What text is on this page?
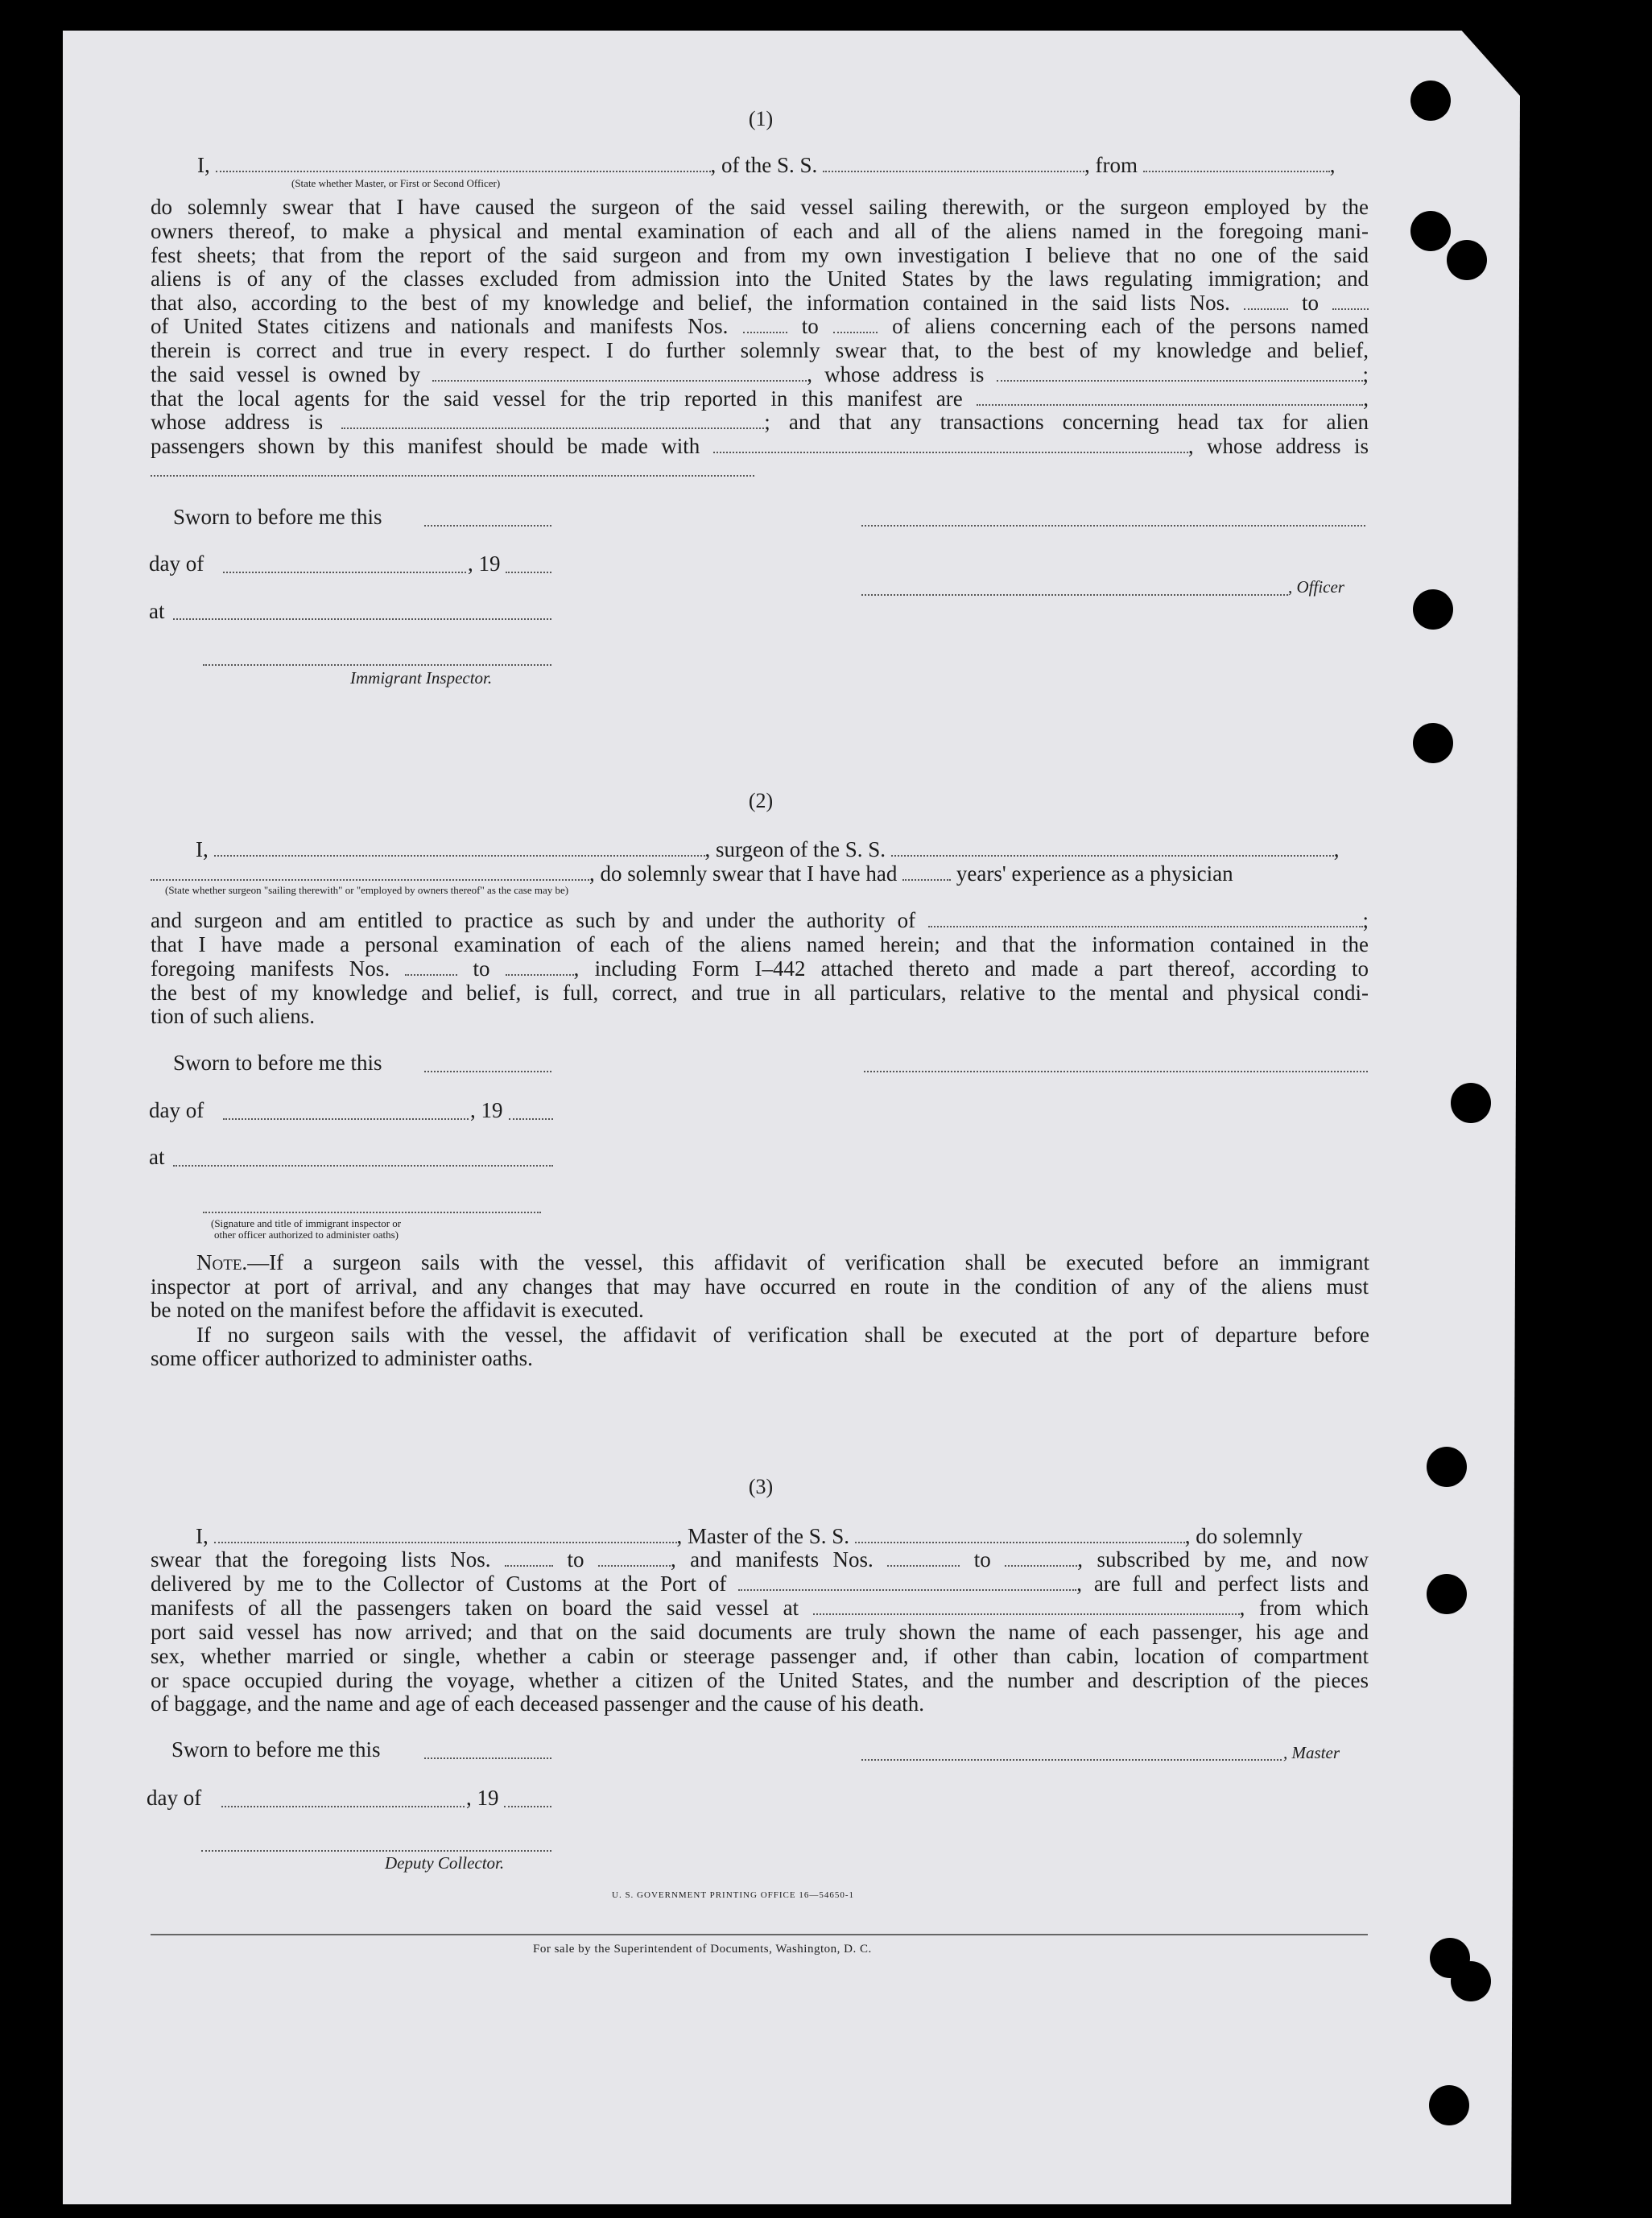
(1)
I,	, of the S. S.	, from	,
(State whether Master, or First or Second Officer)
do solemnly swear that I have caused the surgeon of the said vessel sailing therewith, or the surgeon employed by the
owners thereof, to make a physical and mental examination of each and all of the aliens named in the foregoing mani-
fest sheets; that from the report of the said surgeon and from my own investigation I believe that no one of the said
aliens is of any of the classes excluded from admission into the United States by the laws regulating immigration; and
that also, according to the best of my knowledge and belief, the information contained in the said lists Nos.	to
of United States citizens and nationals and manifests Nos.	to	of aliens concerning each of the persons named
therein is correct and true in every respect. I do further solemnly swear that, to the best of my knowledge and belief,
the said vessel is owned by	, whose address is	;
that the local agents for the said vessel for the trip reported in this manifest are	,
whose address is	; and that any transactions concerning head tax for alien
passengers shown by this manifest should be made with	, whose address is
Sworn to before me this
day of	, 19
, Officer
at
Immigrant Inspector.
(2)
I,	, surgeon of the S. S.	,
, do solemnly swear that I have had	years' experience as a physician
(State whether surgeon "sailing therewith" or "employed by owners thereof" as the case may be)
and surgeon and am entitled to practice as such by and under the authority of	;
that I have made a personal examination of each of the aliens named herein; and that the information contained in the
foregoing manifests Nos.	to	, including Form I–442 attached thereto and made a part thereof, according to
the best of my knowledge and belief, is full, correct, and true in all particulars, relative to the mental and physical condi-
tion of such aliens.
Sworn to before me this
day of	, 19
at
(Signature and title of immigrant inspector or
other officer authorized to administer oaths)
Note.—If a surgeon sails with the vessel, this affidavit of verification shall be executed before an immigrant
inspector at port of arrival, and any changes that may have occurred en route in the condition of any of the aliens must
be noted on the manifest before the affidavit is executed.
If no surgeon sails with the vessel, the affidavit of verification shall be executed at the port of departure before
some officer authorized to administer oaths.
(3)
I,	, Master of the S. S.	, do solemnly
swear that the foregoing lists Nos.	to	, and manifests Nos.	to	, subscribed by me, and now
delivered by me to the Collector of Customs at the Port of	, are full and perfect lists and
manifests of all the passengers taken on board the said vessel at	, from which
port said vessel has now arrived; and that on the said documents are truly shown the name of each passenger, his age and
sex, whether married or single, whether a cabin or steerage passenger and, if other than cabin, location of compartment
or space occupied during the voyage, whether a citizen of the United States, and the number and description of the pieces
of baggage, and the name and age of each deceased passenger and the cause of his death.
Sworn to before me this	, Master
day of	, 19
Deputy Collector.
U. S. GOVERNMENT PRINTING OFFICE 16—54650-1
For sale by the Superintendent of Documents, Washington, D. C.
